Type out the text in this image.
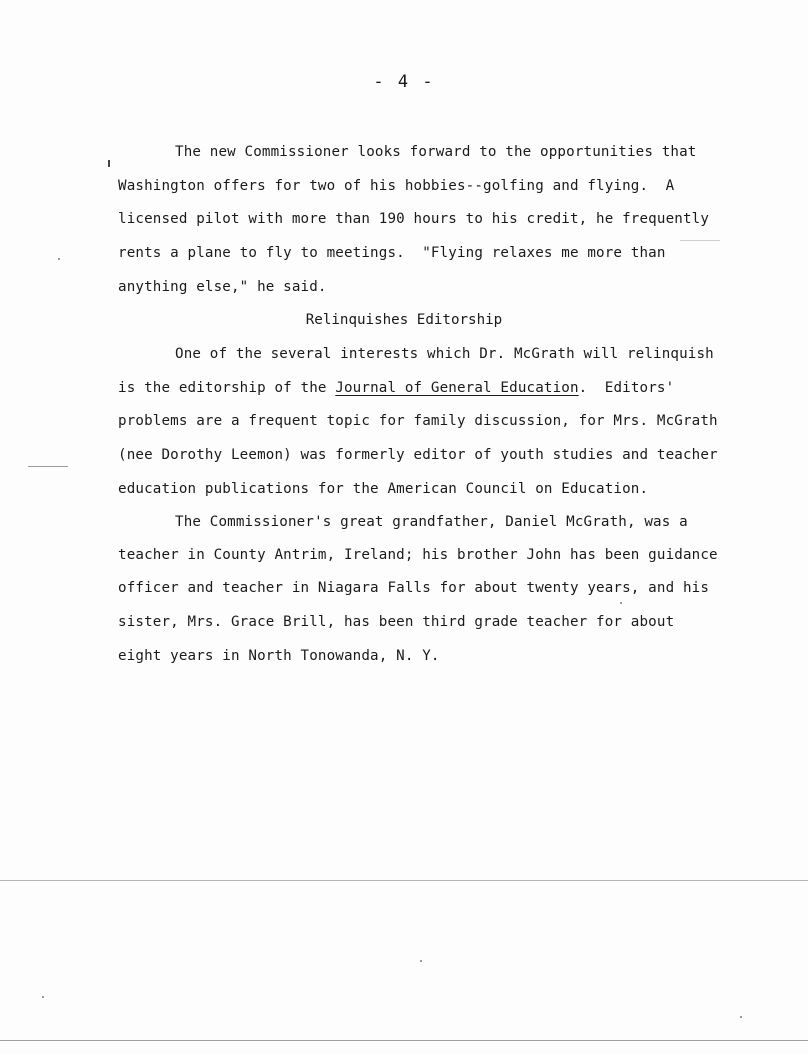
- 4 -
The new Commissioner looks forward to the opportunities that
Washington offers for two of his hobbies--golfing and flying.  A
licensed pilot with more than 190 hours to his credit, he frequently
rents a plane to fly to meetings.  "Flying relaxes me more than
anything else," he said.
Relinquishes Editorship
One of the several interests which Dr. McGrath will relinquish
is the editorship of the Journal of General Education.  Editors'
problems are a frequent topic for family discussion, for Mrs. McGrath
(nee Dorothy Leemon) was formerly editor of youth studies and teacher
education publications for the American Council on Education.
The Commissioner's great grandfather, Daniel McGrath, was a
teacher in County Antrim, Ireland; his brother John has been guidance
officer and teacher in Niagara Falls for about twenty years, and his
sister, Mrs. Grace Brill, has been third grade teacher for about
eight years in North Tonowanda, N. Y.
